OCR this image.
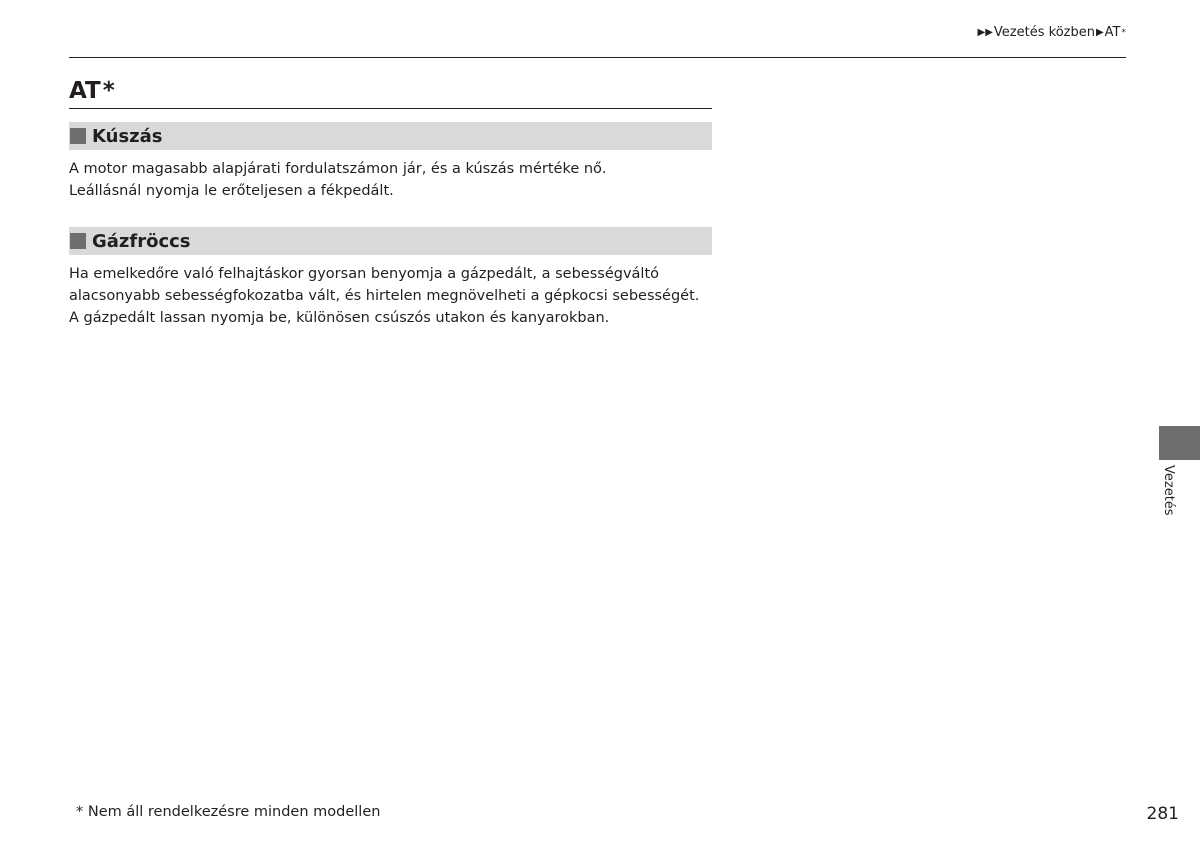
▶▶ Vezetés közben ▶ AT *
AT*
Kúszás
A motor magasabb alapjárati fordulatszámon jár, és a kúszás mértéke nő.
Leállásnál nyomja le erőteljesen a fékpedált.
Gázfröccs
Ha emelkedőre való felhajtáskor gyorsan benyomja a gázpedált, a sebességváltó
alacsonyabb sebességfokozatba vált, és hirtelen megnövelheti a gépkocsi sebességét.
A gázpedált lassan nyomja be, különösen csúszós utakon és kanyarokban.
Vezetés
* Nem áll rendelkezésre minden modellen	281
